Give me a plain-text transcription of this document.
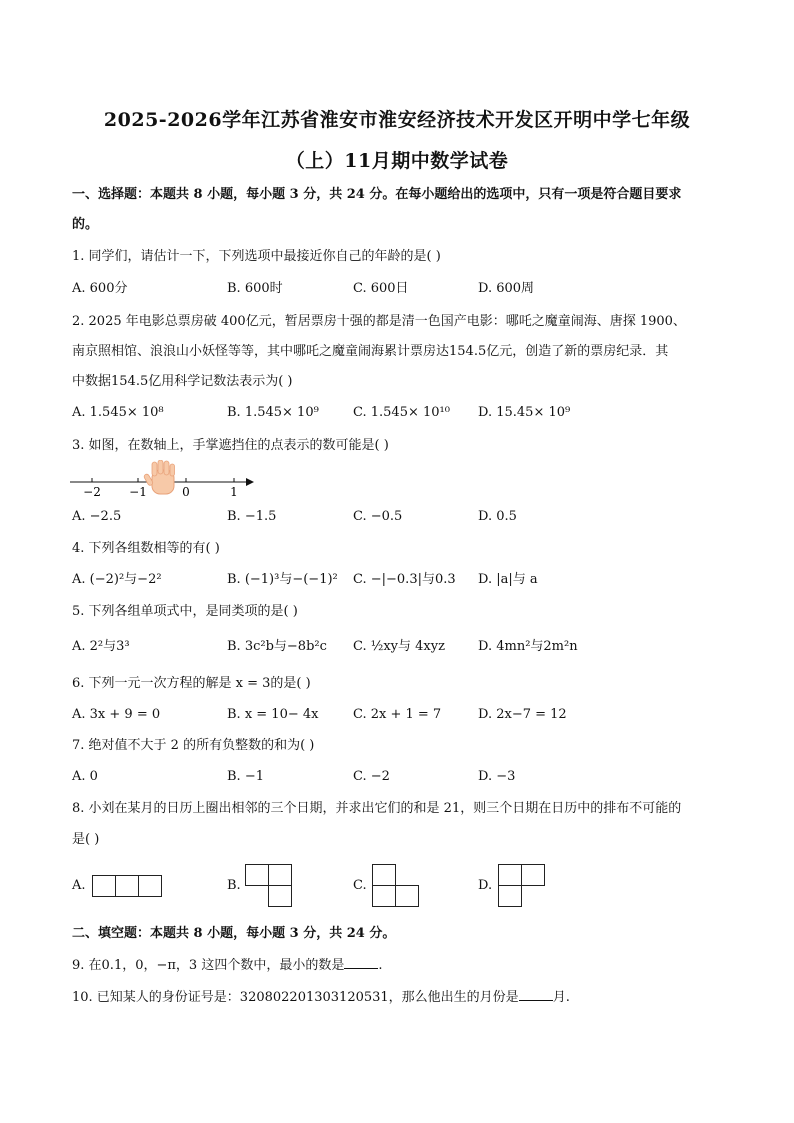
2025-2026学年江苏省淮安市淮安经济技术开发区开明中学七年级
（上）11月期中数学试卷
一、选择题：本题共 8 小题，每小题 3 分，共 24 分。在每小题给出的选项中，只有一项是符合题目要求
的。
1. 同学们，请估计一下，下列选项中最接近你自己的年龄的是( )
A. 600分	B. 600时	C. 600日	D. 600周
2. 2025 年电影总票房破 400亿元，暂居票房十强的都是清一色国产电影：哪吒之魔童闹海、唐探 1900、
南京照相馆、浪浪山小妖怪等等，其中哪吒之魔童闹海累计票房达154.5亿元，创造了新的票房纪录．其
中数据154.5亿用科学记数法表示为( )
A. 1.545× 10⁸	B. 1.545× 10⁹	C. 1.545× 10¹⁰ D. 15.45× 10⁹
3. 如图，在数轴上，手掌遮挡住的点表示的数可能是( )
−2 −1	0	1
A. −2.5	B. −1.5	C. −0.5	D. 0.5
4. 下列各组数相等的有( )
A. (−2)²与−2²	B. (−1)³与−(−1)² C. −|−0.3|与0.3 D. |a|与 a
5. 下列各组单项式中，是同类项的是( )
A. 2²与3³	B. 3c²b与−8b²c C. ½xy与 4xyz	D. 4mn²与2m²n
6. 下列一元一次方程的解是 x = 3的是( )
A. 3x + 9 = 0	B. x = 10− 4x	C. 2x + 1 = 7	D. 2x−7 = 12
7. 绝对值不大于 2 的所有负整数的和为( )
A. 0	B. −1	C. −2	D. −3
8. 小刘在某月的日历上圈出相邻的三个日期，并求出它们的和是 21，则三个日期在日历中的排布不可能的
是( )
A.	B.	C.	D.
二、填空题：本题共 8 小题，每小题 3 分，共 24 分。
9. 在0.1，0，−π，3 这四个数中，最小的数是	.
10. 已知某人的身份证号是：320802201303120531，那么他出生的月份是	月.
